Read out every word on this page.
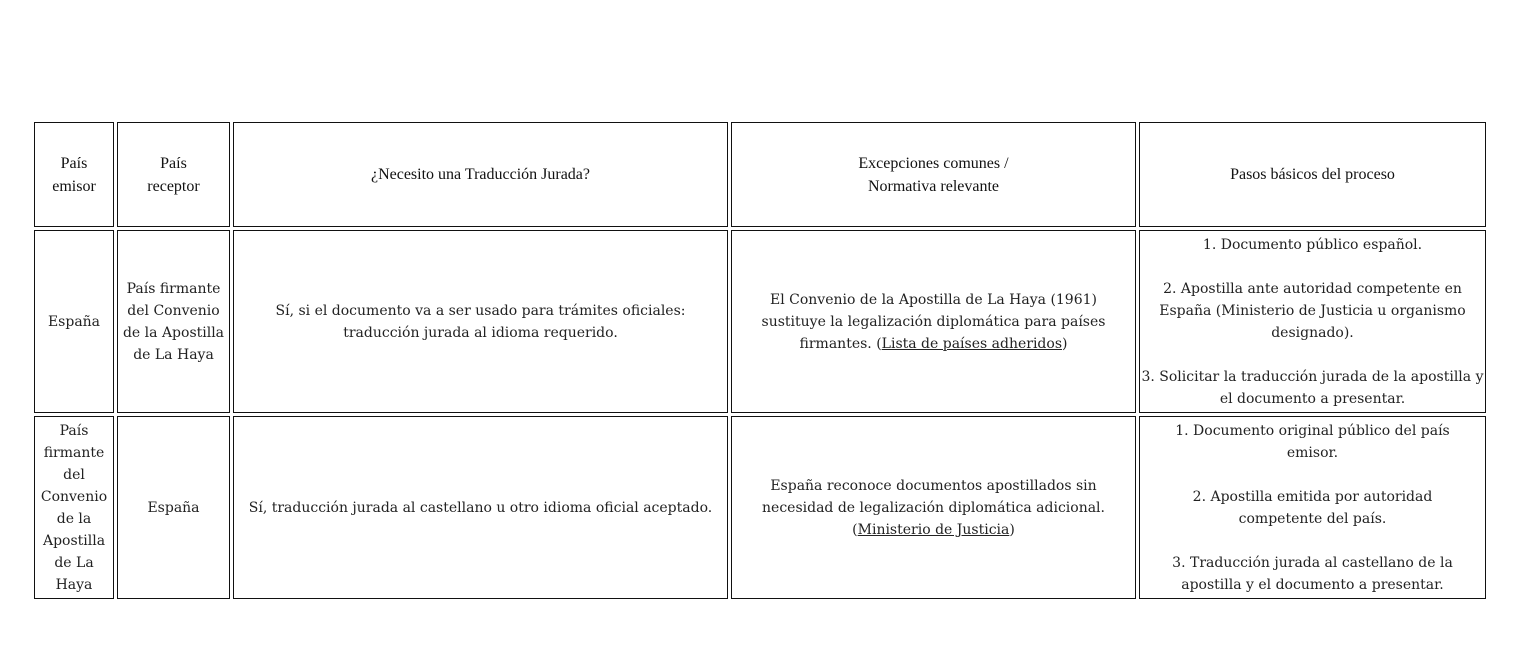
País emisor	País receptor	¿Necesito una Traducción Jurada?	Excepciones comunes /
Normativa relevante	Pasos básicos del proceso
España	País firmante del Convenio de la Apostilla de La Haya	Sí, si el documento va a ser usado para trámites oficiales: traducción jurada al idioma requerido.	El Convenio de la Apostilla de La Haya (1961) sustituye la legalización diplomática para países firmantes. (Lista de países adheridos)	1. Documento público español.
2. Apostilla ante autoridad competente en España (Ministerio de Justicia u organismo designado).
3. Solicitar la traducción jurada de la apostilla y el documento a presentar.
País firmante del Convenio de la Apostilla de La Haya	España	Sí, traducción jurada al castellano u otro idioma oficial aceptado.	España reconoce documentos apostillados sin necesidad de legalización diplomática adicional. (Ministerio de Justicia)	1. Documento original público del país emisor.
2. Apostilla emitida por autoridad competente del país.
3. Traducción jurada al castellano de la apostilla y el documento a presentar.
